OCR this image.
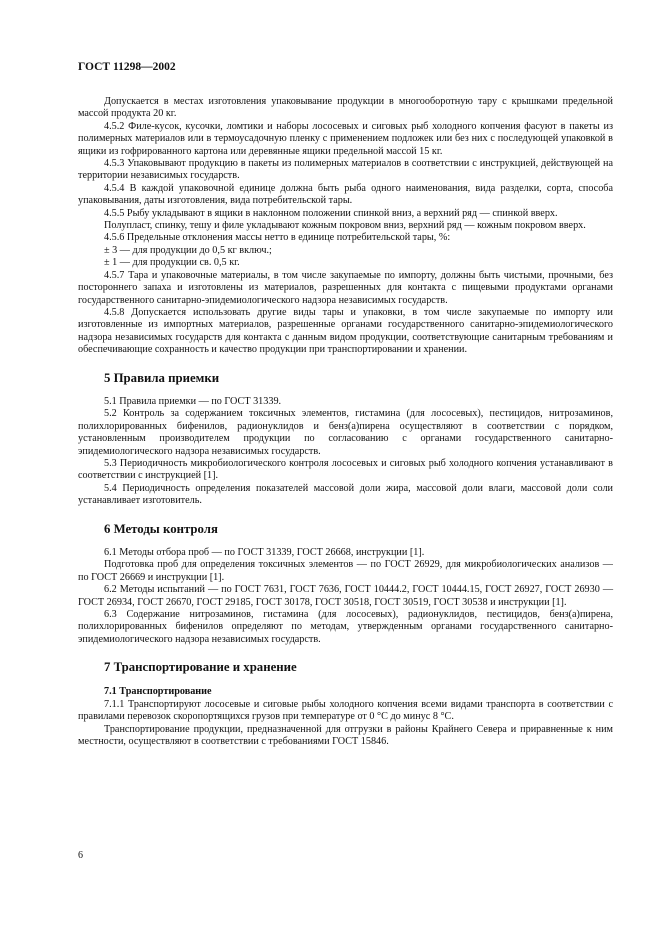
ГОСТ 11298—2002

Допускается в местах изготовления упаковывание продукции в многооборотную тару с крышками предельной массой продукта 20 кг.

4.5.2 Филе-кусок, кусочки, ломтики и наборы лососевых и сиговых рыб холодного копчения фасуют в пакеты из полимерных материалов или в термоусадочную пленку с применением подложек или без них с последующей упаковкой в ящики из гофрированного картона или деревянные ящики предельной массой 15 кг.

4.5.3 Упаковывают продукцию в пакеты из полимерных материалов в соответствии с инструкцией, действующей на территории независимых государств.

4.5.4 В каждой упаковочной единице должна быть рыба одного наименования, вида разделки, сорта, способа упаковывания, даты изготовления, вида потребительской тары.

4.5.5 Рыбу укладывают в ящики в наклонном положении спинкой вниз, а верхний ряд — спинкой вверх.

Полупласт, спинку, тешу и филе укладывают кожным покровом вниз, верхний ряд — кожным покровом вверх.

4.5.6 Предельные отклонения массы нетто в единице потребительской тары, %:

± 3 — для продукции до 0,5 кг включ.;

± 1 — для продукции св. 0,5 кг.

4.5.7 Тара и упаковочные материалы, в том числе закупаемые по импорту, должны быть чистыми, прочными, без постороннего запаха и изготовлены из материалов, разрешенных для контакта с пищевыми продуктами органами государственного санитарно-эпидемиологического надзора независимых государств.

4.5.8 Допускается использовать другие виды тары и упаковки, в том числе закупаемые по импорту или изготовленные из импортных материалов, разрешенные органами государственного санитарно-эпидемиологического надзора независимых государств для контакта с данным видом продукции, соответствующие санитарным требованиям и обеспечивающие сохранность и качество продукции при транспортировании и хранении.

5 Правила приемки

5.1 Правила приемки — по ГОСТ 31339.

5.2 Контроль за содержанием токсичных элементов, гистамина (для лососевых), пестицидов, нитрозаминов, полихлорированных бифенилов, радионуклидов и бенз(а)пирена осуществляют в соответствии с порядком, установленным производителем продукции по согласованию с органами государственного санитарно-эпидемиологического надзора независимых государств.

5.3 Периодичность микробиологического контроля лососевых и сиговых рыб холодного копчения устанавливают в соответствии с инструкцией [1].

5.4 Периодичность определения показателей массовой доли жира, массовой доли влаги, массовой доли соли устанавливает изготовитель.

6 Методы контроля

6.1 Методы отбора проб — по ГОСТ 31339, ГОСТ 26668, инструкции [1].

Подготовка проб для определения токсичных элементов — по ГОСТ 26929, для микробиологических анализов — по ГОСТ 26669 и инструкции [1].

6.2 Методы испытаний — по ГОСТ 7631, ГОСТ 7636, ГОСТ 10444.2, ГОСТ 10444.15, ГОСТ 26927, ГОСТ 26930 — ГОСТ 26934, ГОСТ 26670, ГОСТ 29185, ГОСТ 30178, ГОСТ 30518, ГОСТ 30519, ГОСТ 30538 и инструкции [1].

6.3 Содержание нитрозаминов, гистамина (для лососевых), радионуклидов, пестицидов, бенз(а)пирена, полихлорированных бифенилов определяют по методам, утвержденным органами государственного санитарно-эпидемиологического надзора независимых государств.

7 Транспортирование и хранение
7.1 Транспортирование

7.1.1 Транспортируют лососевые и сиговые рыбы холодного копчения всеми видами транспорта в соответствии с правилами перевозок скоропортящихся грузов при температуре от 0 °С до минус 8 °С.

Транспортирование продукции, предназначенной для отгрузки в районы Крайнего Севера и приравненные к ним местности, осуществляют в соответствии с требованиями ГОСТ 15846.

6
